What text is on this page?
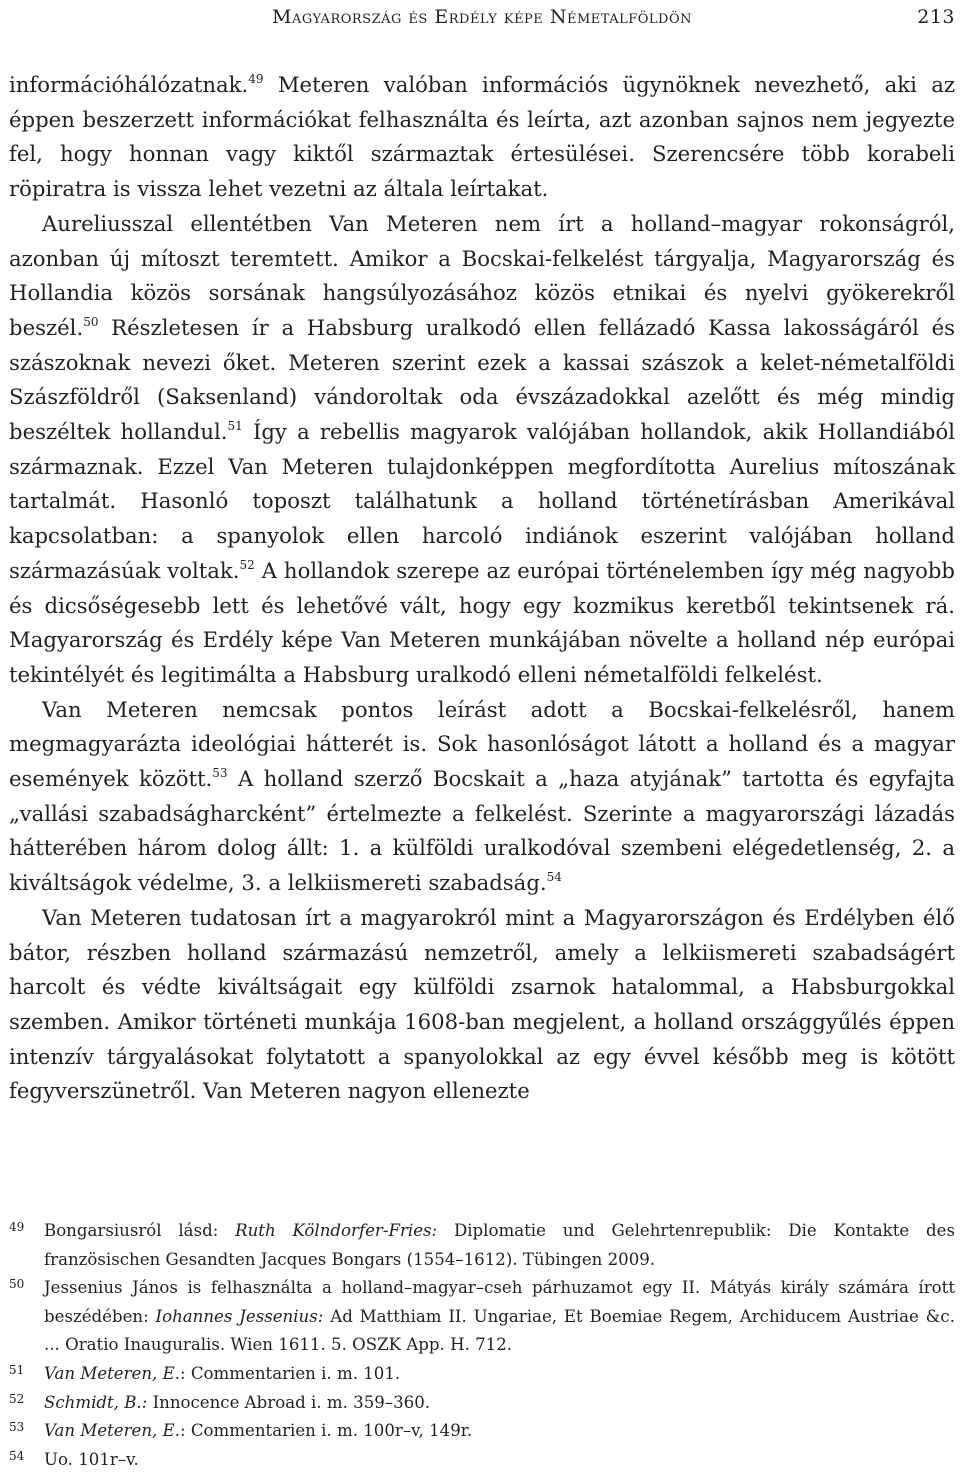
Magyarország és Erdély képe Németalföldön	213

információhálózatnak.$^{49}$ Meteren valóban információs ügynöknek nevezhető, aki az éppen beszerzett információkat felhasználta és leírta, azt azonban sajnos nem jegyezte fel, hogy honnan vagy kiktől származtak értesülései. Szerencsére több korabeli röpiratra is vissza lehet vezetni az általa leírtakat.

Aureliusszal ellentétben Van Meteren nem írt a holland–magyar rokonságról, azonban új mítoszt teremtett. Amikor a Bocskai-felkelést tárgyalja, Magyarország és Hollandia közös sorsának hangsúlyozásához közös etnikai és nyelvi gyökerekről beszél.$^{50}$ Részletesen ír a Habsburg uralkodó ellen fellázadó Kassa lakosságáról és szászoknak nevezi őket. Meteren szerint ezek a kassai szászok a kelet-németalföldi Szászföldről (Saksenland) vándoroltak oda évszázadokkal azelőtt és még mindig beszéltek hollandul.$^{51}$ Így a rebellis magyarok valójában hollandok, akik Hollandiából származnak. Ezzel Van Meteren tulajdonképpen megfordította Aurelius mítoszának tartalmát. Hasonló toposzt találhatunk a holland történetírásban Amerikával kapcsolatban: a spanyolok ellen harcoló indiánok eszerint valójában holland származásúak voltak.$^{52}$ A hollandok szerepe az európai történelemben így még nagyobb és dicsőségesebb lett és lehetővé vált, hogy egy kozmikus keretből tekintsenek rá. Magyarország és Erdély képe Van Meteren munkájában növelte a holland nép európai tekintélyét és legitimálta a Habsburg uralkodó elleni németalföldi felkelést.

Van Meteren nemcsak pontos leírást adott a Bocskai-felkelésről, hanem megmagyarázta ideológiai hátterét is. Sok hasonlóságot látott a holland és a magyar események között.$^{53}$ A holland szerző Bocskait a „haza atyjának” tartotta és egyfajta „vallási szabadságharcként” értelmezte a felkelést. Szerinte a magyarországi lázadás hátterében három dolog állt: 1. a külföldi uralkodóval szembeni elégedetlenség, 2. a kiváltságok védelme, 3. a lelkiismereti szabadság.$^{54}$

Van Meteren tudatosan írt a magyarokról mint a Magyarországon és Erdélyben élő bátor, részben holland származású nemzetről, amely a lelkiismеreti szabadságért harcolt és védte kiváltságait egy külföldi zsarnok hatalommal, a Habsburgokkal szemben. Amikor történeti munkája 1608-ban megjelent, a holland országgyűlés éppen intenzív tárgyalásokat folytatott a spanyolokkal az egy évvel később meg is kötött fegyverszünetről. Van Meteren nagyon ellenezte

49 Bongarsiusról lásd: Ruth Kölndorfer-Fries: Diplomatie und Gelehrtenrepublik: Die Kontakte des französischen Gesandten Jacques Bongars (1554–1612). Tübingen 2009.
50 Jessenius János is felhasználta a holland–magyar–cseh párhuzamot egy II. Mátyás király számára írott beszédében: Iohannes Jessenius: Ad Matthiam II. Ungariae, Et Boemiae Regem, Archiducem Austriae &c. ... Oratio Inauguralis. Wien 1611. 5. OSZK App. H. 712.
51 Van Meteren, E.: Commentarien i. m. 101.
52 Schmidt, B.: Innocence Abroad i. m. 359–360.
53 Van Meteren, E.: Commentarien i. m. 100r–v, 149r.
54 Uo. 101r–v.
